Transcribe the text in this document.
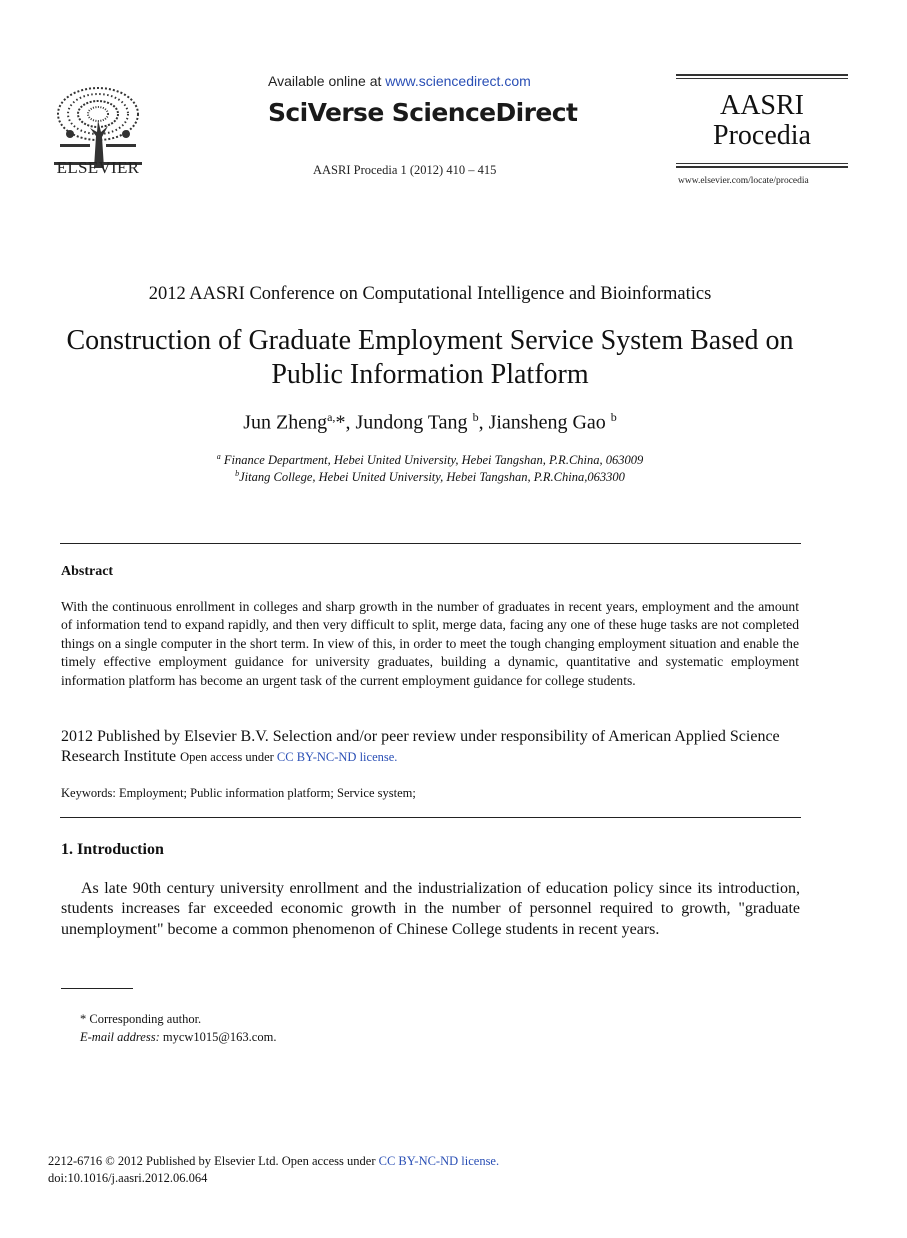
ELSEVIER
Available online at www.sciencedirect.com
SciVerse ScienceDirect
AASRI Procedia 1 (2012) 410 – 415
AASRI
Procedia
www.elsevier.com/locate/procedia
2012 AASRI Conference on Computational Intelligence and Bioinformatics
Construction of Graduate Employment Service System Based on
Public Information Platform
Jun Zheng$^{a,}$*, Jundong Tang $^b$, Jiansheng Gao $^b$
$^a$ Finance Department, Hebei United University, Hebei Tangshan, P.R.China, 063009
$^b$Jitang College, Hebei United University, Hebei Tangshan, P.R.China,063300
Abstract
With the continuous enrollment in colleges and sharp growth in the number of graduates in recent years, employment and the amount of information tend to expand rapidly, and then very difficult to split, merge data, facing any one of these huge tasks are not completed things on a single computer in the short term. In view of this, in order to meet the tough changing employment situation and enable the timely effective employment guidance for university graduates, building a dynamic, quantitative and systematic employment information platform has become an urgent task of the current employment guidance for college students.
2012 Published by Elsevier B.V. Selection and/or peer review under responsibility of American Applied Science Research Institute Open access under CC BY-NC-ND license.
Keywords: Employment; Public information platform; Service system;
1. Introduction
As late 90th century university enrollment and the industrialization of education policy since its introduction, students increases far exceeded economic growth in the number of personnel required to growth, "graduate unemployment" become a common phenomenon of Chinese College students in recent years.
* Corresponding author.
E-mail address: mycw1015@163.com.
2212-6716 © 2012 Published by Elsevier Ltd. Open access under CC BY-NC-ND license.
doi:10.1016/j.aasri.2012.06.064
